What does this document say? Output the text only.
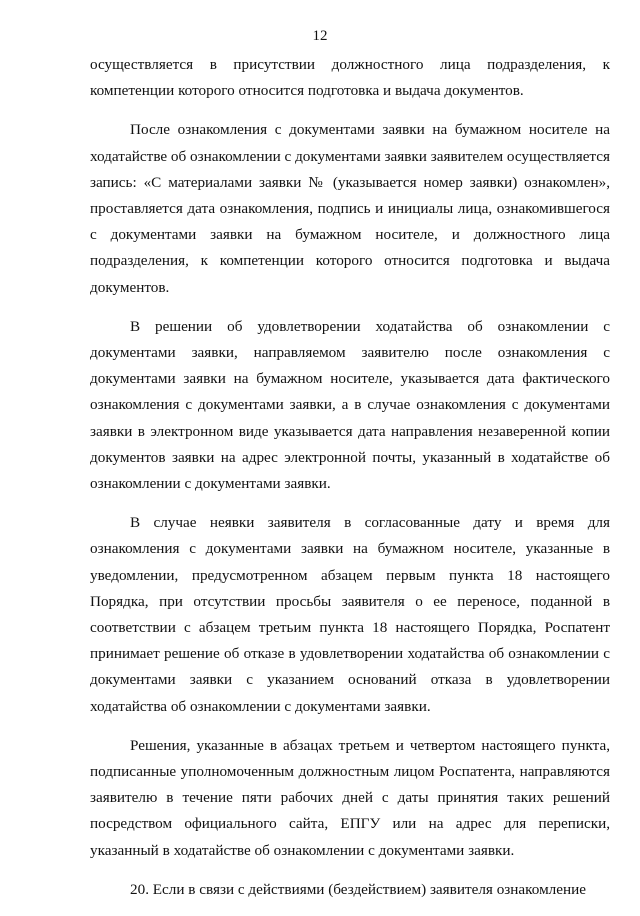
12

осуществляется в присутствии должностного лица подразделения, к компетенции которого относится подготовка и выдача документов.

После ознакомления с документами заявки на бумажном носителе на ходатайстве об ознакомлении с документами заявки заявителем осуществляется запись: «С материалами заявки № (указывается номер заявки) ознакомлен», проставляется дата ознакомления, подпись и инициалы лица, ознакомившегося с документами заявки на бумажном носителе, и должностного лица подразделения, к компетенции которого относится подготовка и выдача документов.

В решении об удовлетворении ходатайства об ознакомлении с документами заявки, направляемом заявителю после ознакомления с документами заявки на бумажном носителе, указывается дата фактического ознакомления с документами заявки, а в случае ознакомления с документами заявки в электронном виде указывается дата направления незаверенной копии документов заявки на адрес электронной почты, указанный в ходатайстве об ознакомлении с документами заявки.

В случае неявки заявителя в согласованные дату и время для ознакомления с документами заявки на бумажном носителе, указанные в уведомлении, предусмотренном абзацем первым пункта 18 настоящего Порядка, при отсутствии просьбы заявителя о ее переносе, поданной в соответствии с абзацем третьим пункта 18 настоящего Порядка, Роспатент принимает решение об отказе в удовлетворении ходатайства об ознакомлении с документами заявки с указанием оснований отказа в удовлетворении ходатайства об ознакомлении с документами заявки.

Решения, указанные в абзацах третьем и четвертом настоящего пункта, подписанные уполномоченным должностным лицом Роспатента, направляются заявителю в течение пяти рабочих дней с даты принятия таких решений посредством официального сайта, ЕПГУ или на адрес для переписки, указанный в ходатайстве об ознакомлении с документами заявки.

20. Если в связи с действиями (бездействием) заявителя ознакомление
